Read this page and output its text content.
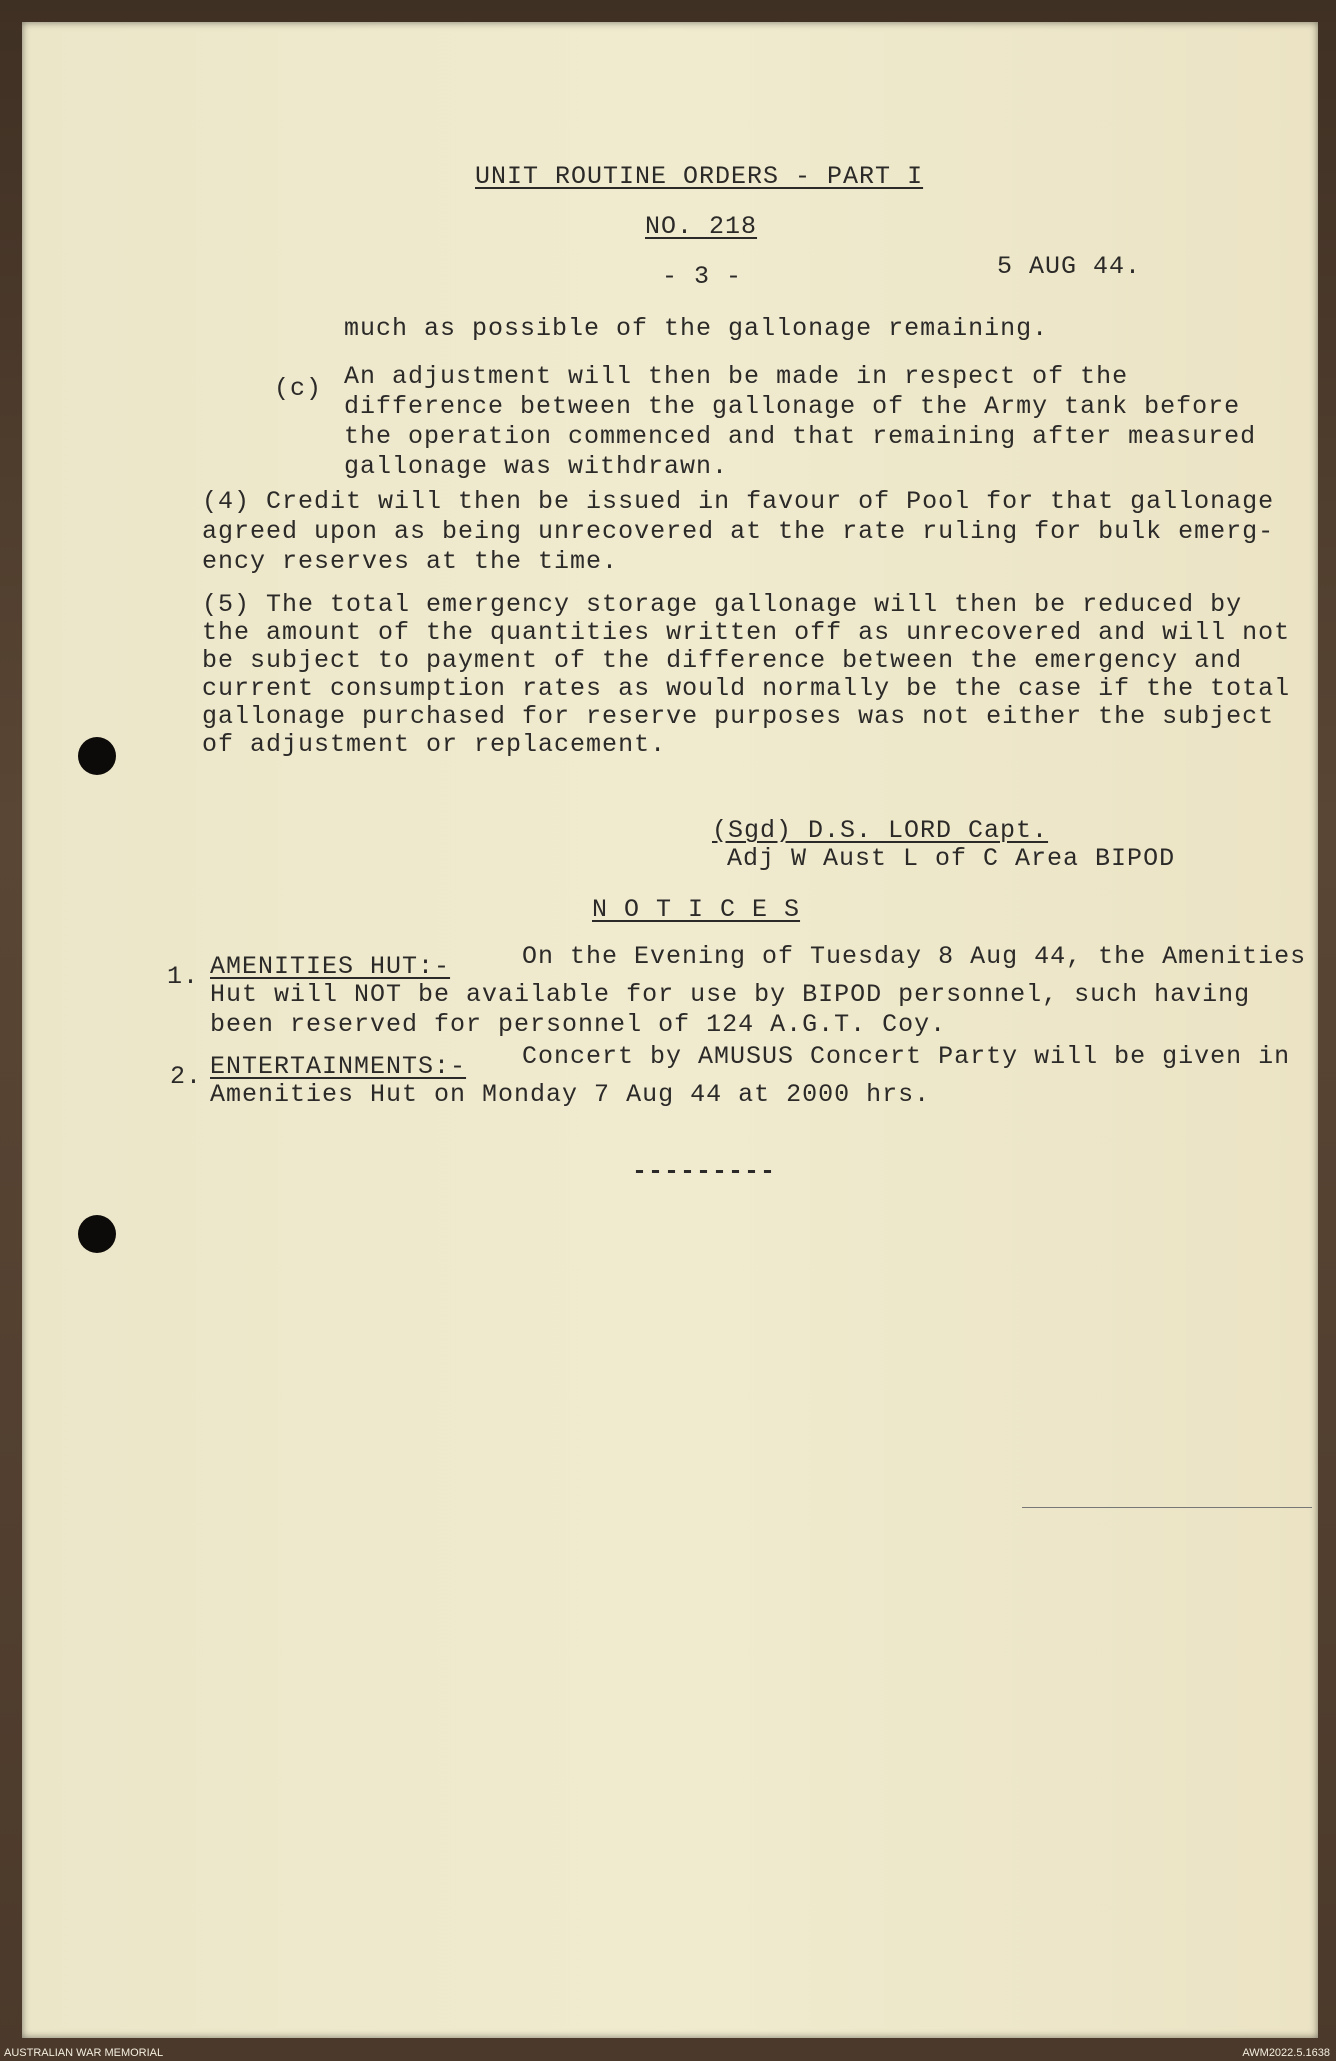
UNIT ROUTINE ORDERS - PART I
NO. 218
- 3 -	5 AUG 44.
much as possible of the gallonage remaining.
(c) An adjustment will then be made in respect of the
difference between the gallonage of the Army tank before
the operation commenced and that remaining after measured
gallonage was withdrawn.
(4) Credit will then be issued in favour of Pool for that gallonage
agreed upon as being unrecovered at the rate ruling for bulk emerg-
ency reserves at the time.
(5) The total emergency storage gallonage will then be reduced by
the amount of the quantities written off as unrecovered and will not
be subject to payment of the difference between the emergency and
current consumption rates as would normally be the case if the total
gallonage purchased for reserve purposes was not either the subject
of adjustment or replacement.
(Sgd) D.S. LORD Capt.
Adj W Aust L of C Area BIPOD
N O T I C E S
1. AMENITIES HUT:-	On the Evening of Tuesday 8 Aug 44, the Amenities
Hut will NOT be available for use by BIPOD personnel, such having
been reserved for personnel of 124 A.G.T. Coy.
2. ENTERTAINMENTS:- Concert by AMUSUS Concert Party will be given in
Amenities Hut on Monday 7 Aug 44 at 2000 hrs.
---------
AUSTRALIAN WAR MEMORIAL	AWM2022.5.1638
